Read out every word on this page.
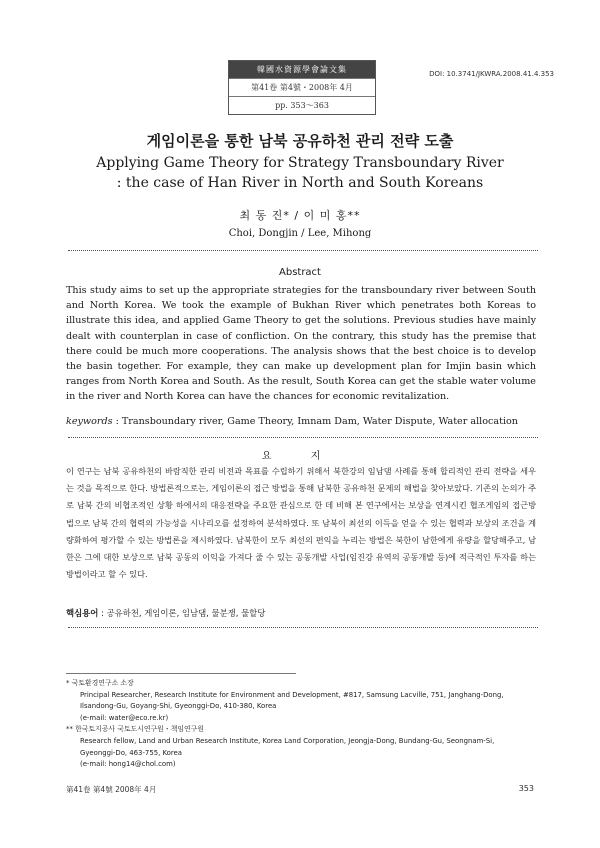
韓國水資源學會論文集
第41卷 第4號・2008年 4月
pp. 353～363
DOI: 10.3741/JKWRA.2008.41.4.353
게임이론을 통한 남북 공유하천 관리 전략 도출
Applying Game Theory for Strategy Transboundary River
: the case of Han River in North and South Koreans
최 동 진* / 이 미 홍**
Choi, Dongjin / Lee, Mihong
Abstract
This study aims to set up the appropriate strategies for the transboundary river between South and North Korea. We took the example of Bukhan River which penetrates both Koreas to illustrate this idea, and applied Game Theory to get the solutions. Previous studies have mainly dealt with counterplan in case of confliction. On the contrary, this study has the premise that there could be much more cooperations. The analysis shows that the best choice is to develop the basin together. For example, they can make up development plan for Imjin basin which ranges from North Korea and South. As the result, South Korea can get the stable water volume in the river and North Korea can have the chances for economic revitalization.
keywords : Transboundary river, Game Theory, Imnam Dam, Water Dispute, Water allocation
요 지
이 연구는 남북 공유하천의 바람직한 관리 비전과 목표를 수립하기 위해서 북한강의 임남댐 사례를 통해 합리적인 관리 전략을 세우는 것을 목적으로 한다. 방법론적으로는, 게임이론의 접근 방법을 통해 남북한 공유하천 문제의 해법을 찾아보았다. 기존의 논의가 주로 남북 간의 비협조적인 상황 하에서의 대응전략을 주요한 관심으로 한 데 비해 본 연구에서는 보상을 연계시킨 협조게임의 접근방법으로 남북 간의 협력의 가능성을 시나리오를 설정하여 분석하였다. 또 남북이 최선의 이득을 얻을 수 있는 협력과 보상의 조건을 계량화하여 평가할 수 있는 방법론을 제시하였다. 남북한이 모두 최선의 편익을 누리는 방법은 북한이 남한에게 유량을 할당해주고, 남한은 그에 대한 보상으로 남북 공동의 이익을 가져다 줄 수 있는 공동개발 사업(임진강 유역의 공동개발 등)에 적극적인 투자를 하는 방법이라고 할 수 있다.
핵심용어 : 공유하천, 게임이론, 임남댐, 물분쟁, 물할당
* 국토환경연구소 소장
Principal Researcher, Research Institute for Environment and Development, #817, Samsung Lacville, 751, Janghang-Dong,
Ilsandong-Gu, Goyang-Shi, Gyeonggi-Do, 410-380, Korea
(e-mail: water@eco.re.kr)
** 한국토지공사 국토도시연구원・책임연구원
Research fellow, Land and Urban Research Institute, Korea Land Corporation, Jeongja-Dong, Bundang-Gu, Seongnam-Si,
Gyeonggi-Do, 463-755, Korea
(e-mail: hong14@chol.com)
第41卷 第4號 2008年 4月	353
